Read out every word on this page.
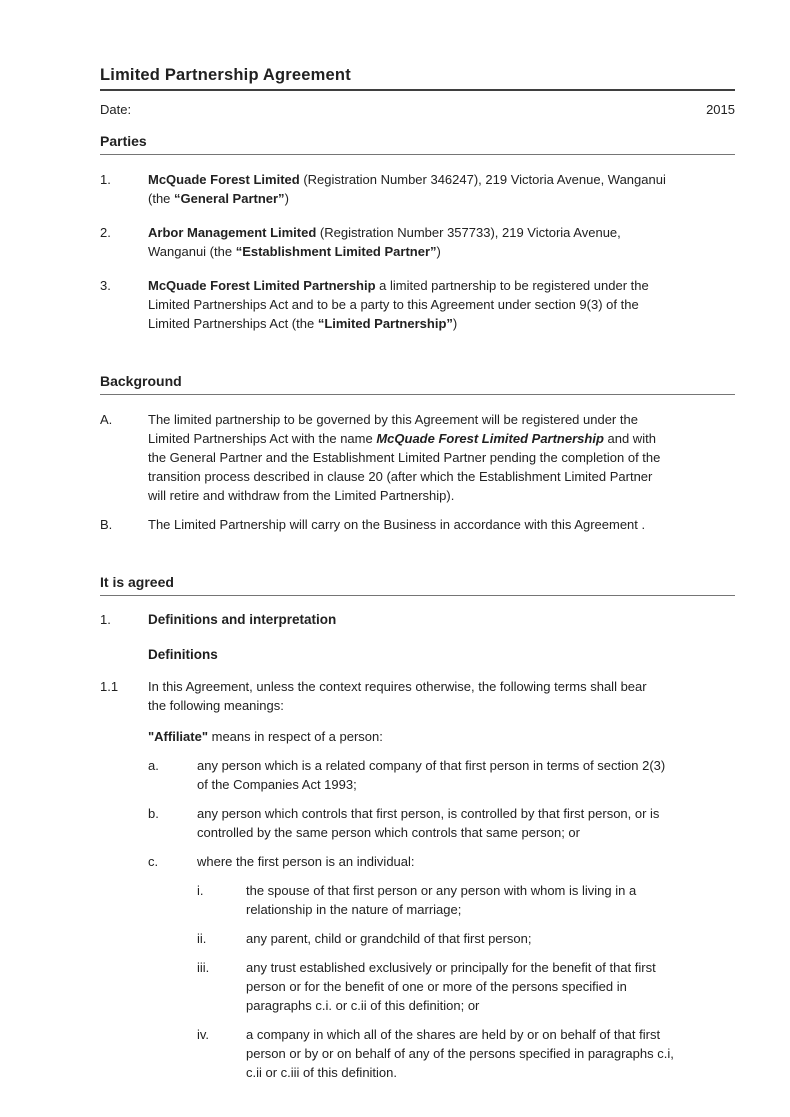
Limited Partnership Agreement
Date:	2015
Parties
1.	McQuade Forest Limited (Registration Number 346247), 219 Victoria Avenue, Wanganui
(the “General Partner”)
2.	Arbor Management Limited (Registration Number 357733), 219 Victoria Avenue,
Wanganui (the “Establishment Limited Partner”)
3.	McQuade Forest Limited Partnership a limited partnership to be registered under the
Limited Partnerships Act and to be a party to this Agreement under section 9(3) of the
Limited Partnerships Act (the “Limited Partnership”)
Background
A.	The limited partnership to be governed by this Agreement will be registered under the
Limited Partnerships Act with the name McQuade Forest Limited Partnership and with
the General Partner and the Establishment Limited Partner pending the completion of the
transition process described in clause 20 (after which the Establishment Limited Partner
will retire and withdraw from the Limited Partnership).
B.	The Limited Partnership will carry on the Business in accordance with this Agreement .
It is agreed
1.	Definitions and interpretation
Definitions
1.1	In this Agreement, unless the context requires otherwise, the following terms shall bear
the following meanings:
"Affiliate" means in respect of a person:
a.	any person which is a related company of that first person in terms of section 2(3)
of the Companies Act 1993;
b.	any person which controls that first person, is controlled by that first person, or is
controlled by the same person which controls that same person; or
c.	where the first person is an individual:
i.	the spouse of that first person or any person with whom is living in a
relationship in the nature of marriage;
ii.	any parent, child or grandchild of that first person;
iii.	any trust established exclusively or principally for the benefit of that first
person or for the benefit of one or more of the persons specified in
paragraphs c.i. or c.ii of this definition; or
iv.	a company in which all of the shares are held by or on behalf of that first
person or by or on behalf of any of the persons specified in paragraphs c.i,
c.ii or c.iii of this definition.
